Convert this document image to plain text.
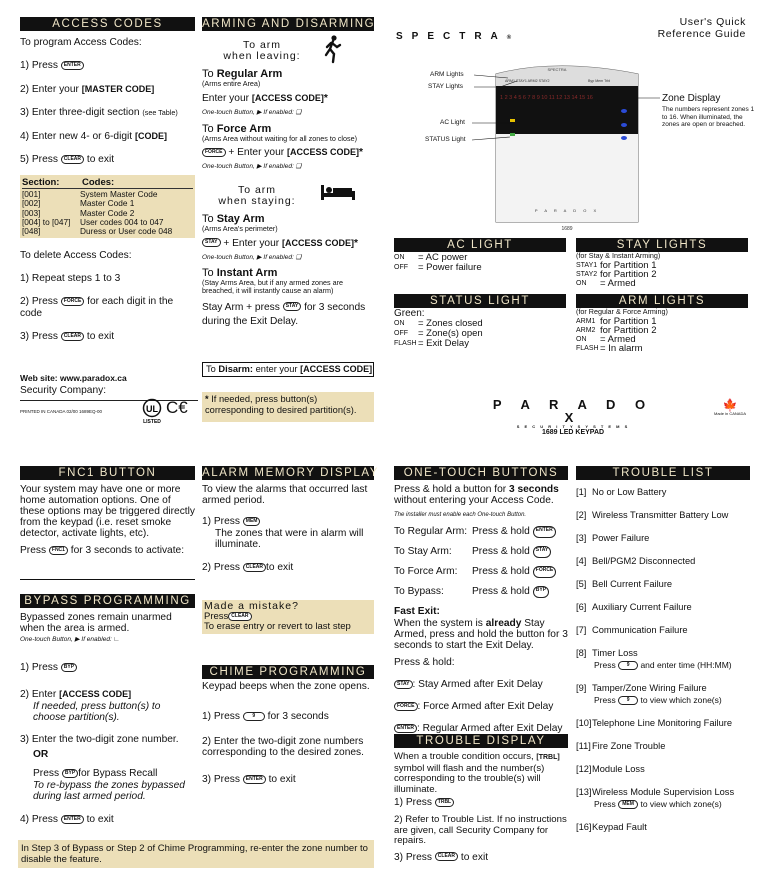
ACCESS CODES
To program Access Codes:
1) Press ENTER
2) Enter your [MASTER CODE]
3) Enter three-digit section (see Table)
4) Enter new 4- or 6-digit [CODE]
5) Press CLEAR to exit
Section:	Codes:
[001]	System Master Code
[002]	Master Code 1
[003]	Master Code 2
[004] to [047]	User codes 004 to 047
[048]	Duress or User code 048
To delete Access Codes:
1) Repeat steps 1 to 3
2) Press FORCE for each digit in the code
3) Press CLEAR to exit
Web site: www.paradox.ca
Security Company:
PRINTED IN CANADA 02/00 1689EQ-00	UL
LISTED
C€
ARMING AND DISARMING
To arm
when leaving:
To Regular Arm
(Arms entire Area)
Enter your [ACCESS CODE]*
One-touch Button, ▶ If enabled: ❏
To Force Arm
(Arms Area without waiting for all zones to close)
FORCE + Enter your [ACCESS CODE]*
One-touch Button, ▶ If enabled: ❏
To arm
when staying:
To Stay Arm
(Arms Area's perimeter)
STAY + Enter your [ACCESS CODE]*
One-touch Button, ▶ If enabled: ❏
To Instant Arm
(Stay Arms Area, but if any armed zones are breached, it will instantly cause an alarm)
Stay Arm + press STAY for 3 seconds during the Exit Delay.
To Disarm: enter your [ACCESS CODE]
* If needed, press button(s) corresponding to desired partition(s).
SPECTRA®
User's Quick
Reference Guide
SPECTRA
ARM1 STAY1 ARM2 STAY2	Byp Mem Trbl
1 2 3 4 5 6 7 8 9 10 11 12 13 14 15 16
P A R A D O X
1689
ARM Lights
STAY Lights
AC Light
STATUS Light
Zone Display
The numbers represent zones 1 to 16. When illuminated, the zones are open or breached.
AC LIGHT
ON	= AC power
OFF	= Power failure
STATUS LIGHT
Green:
ON	= Zones closed
OFF	= Zone(s) open
FLASH = Exit Delay
STAY LIGHTS
(for Stay & Instant Arming)
STAY1 for Partition 1
STAY2 for Partition 2
ON	= Armed
ARM LIGHTS
(for Regular & Force Arming)
ARM1 for Partition 1
ARM2 for Partition 2
ON	= Armed
FLASH = In alarm
P A R A D O X
S E C U R I T Y S Y S T E M S
1689 LED KEYPAD
🍁
Made in CANADA
FNC1 BUTTON
Your system may have one or more home automation options. One of these options may be triggered directly from the keypad (i.e. reset smoke detector, activate lights, etc).
Press FNC1 for 3 seconds to activate:
BYPASS PROGRAMMING
Bypassed zones remain unarmed when the area is armed.
One-touch Button, ▶ If enabled: ∟
1) Press BYP
2) Enter [ACCESS CODE]
If needed, press button(s) to choose partition(s).
3) Enter the two-digit zone number.
OR
Press BYP for Bypass Recall
To re-bypass the zones bypassed during last armed period.
4) Press ENTER to exit
In Step 3 of Bypass or Step 2 of Chime Programming, re-enter the zone number to disable the feature.
ALARM MEMORY DISPLAY
To view the alarms that occurred last armed period.
1) Press MEM
The zones that were in alarm will illuminate.
2) Press CLEAR to exit
Made a mistake?
Press CLEAR
To erase entry or revert to last step
CHIME PROGRAMMING
Keypad beeps when the zone opens.
1) Press 9 for 3 seconds
2) Enter the two-digit zone numbers corresponding to the desired zones.
3) Press ENTER to exit
ONE-TOUCH BUTTONS
Press & hold a button for 3 seconds without entering your Access Code.
The installer must enable each One-touch Button.
To Regular Arm: Press & hold	ENTER
To Stay Arm:	Press & hold	STAY
To Force Arm:	Press & hold	FORCE
To Bypass:	Press & hold	BYP
Fast Exit:
When the system is already Stay Armed, press and hold the button for 3 seconds to start the Exit Delay.
Press & hold:
STAY : Stay Armed after Exit Delay
FORCE : Force Armed after Exit Delay
ENTER : Regular Armed after Exit Delay
TROUBLE DISPLAY
When a trouble condition occurs, [TRBL] symbol will flash and the number(s) corresponding to the trouble(s) will illuminate.
1) Press TRBL
2) Refer to Trouble List. If no instructions are given, call Security Company for repairs.
3) Press CLEAR to exit
TROUBLE LIST
[1]No or Low Battery
[2]Wireless Transmitter Battery Low
[3]Power Failure
[4]Bell/PGM2 Disconnected
[5]Bell Current Failure
[6]Auxiliary Current Failure
[7]Communication Failure
[8]Timer Loss
Press 9 and enter time (HH:MM)
[9]Tamper/Zone Wiring Failure
Press 9 to view which zone(s)
[10]Telephone Line Monitoring Failure
[11]Fire Zone Trouble
[12]Module Loss
[13]Wireless Module Supervision Loss
Press MEM to view which zone(s)
[16]Keypad Fault
